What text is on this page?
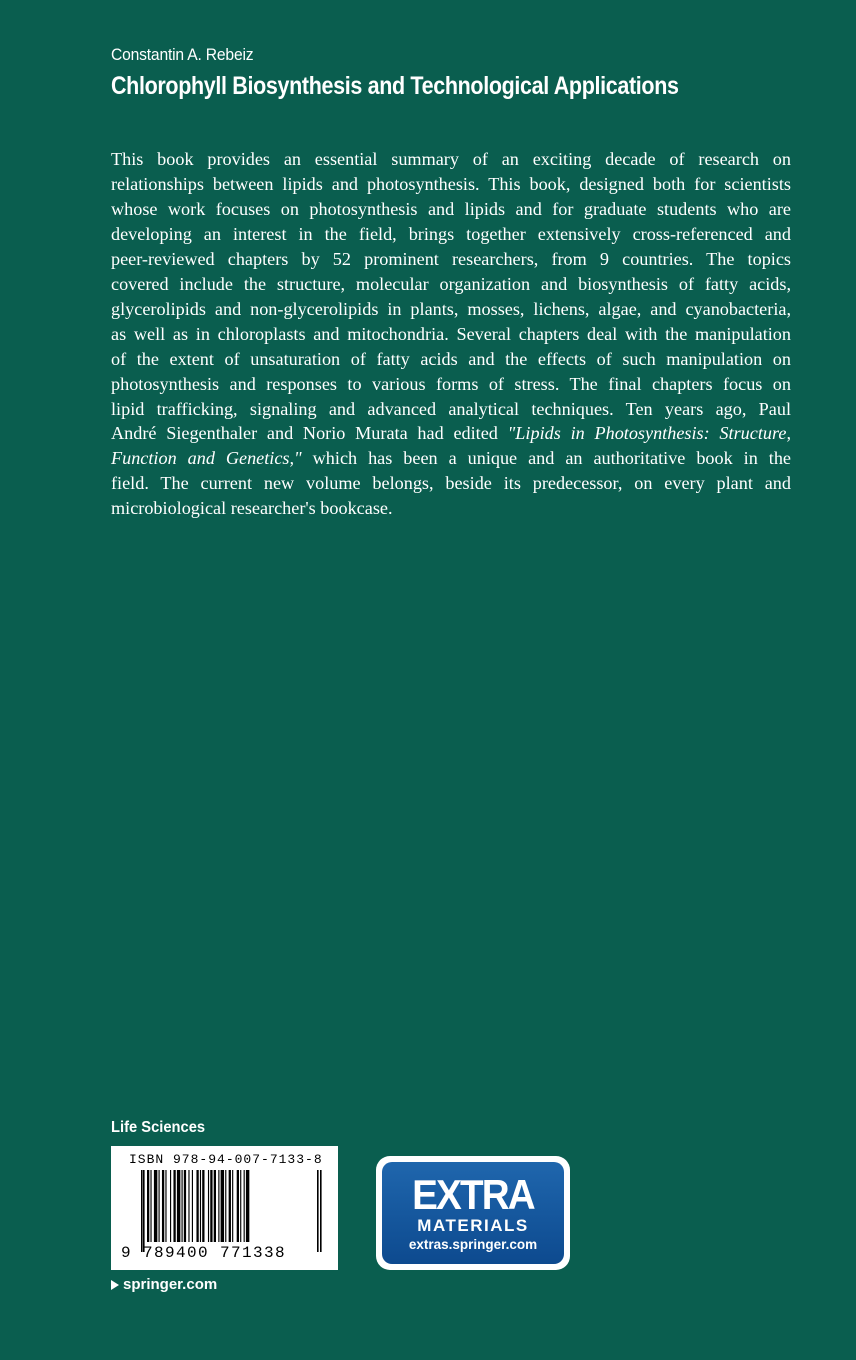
Constantin A. Rebeiz
Chlorophyll Biosynthesis and Technological Applications
This book provides an essential summary of an exciting decade of research on
relationships between lipids and photosynthesis. This book, designed both for scientists
whose work focuses on photosynthesis and lipids and for graduate students who are
developing an interest in the field, brings together extensively cross-referenced and
peer-reviewed chapters by 52 prominent researchers, from 9 countries. The topics
covered include the structure, molecular organization and biosynthesis of fatty acids,
glycerolipids and non-glycerolipids in plants, mosses, lichens, algae, and cyanobacteria,
as well as in chloroplasts and mitochondria. Several chapters deal with the manipulation
of the extent of unsaturation of fatty acids and the effects of such manipulation on
photosynthesis and responses to various forms of stress. The final chapters focus on
lipid trafficking, signaling and advanced analytical techniques. Ten years ago, Paul
André Siegenthaler and Norio Murata had edited "Lipids in Photosynthesis: Structure,
Function and Genetics," which has been a unique and an authoritative book in the
field. The current new volume belongs, beside its predecessor, on every plant and
microbiological researcher's bookcase.
Life Sciences
ISBN 978-94-007-7133-8
9 789400 771338
springer.com
EXTRA
MATERIALS
extras.springer.com
